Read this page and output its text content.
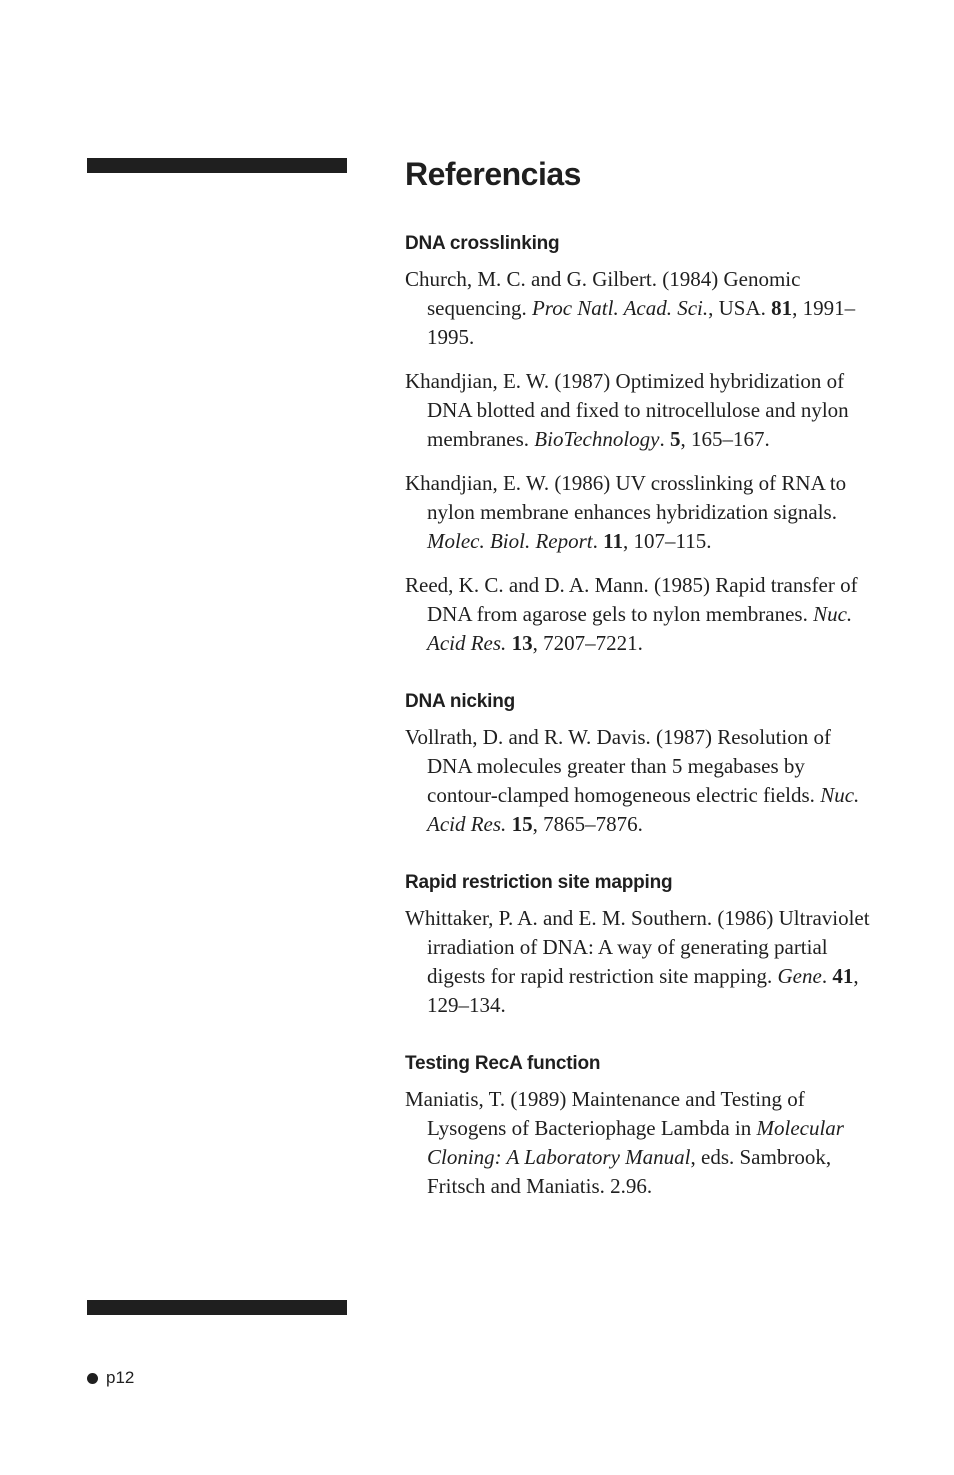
Referencias
DNA crosslinking

Church, M. C. and G. Gilbert. (1984) Genomic sequencing. Proc Natl. Acad. Sci., USA. 81, 1991–1995.

Khandjian, E. W. (1987) Optimized hybridization of DNA blotted and fixed to nitrocellulose and nylon membranes. BioTechnology. 5, 165–167.

Khandjian, E. W. (1986) UV crosslinking of RNA to nylon membrane enhances hybridization signals. Molec. Biol. Report. 11, 107–115.

Reed, K. C. and D. A. Mann. (1985) Rapid transfer of DNA from agarose gels to nylon membranes. Nuc. Acid Res. 13, 7207–7221.

DNA nicking

Vollrath, D. and R. W. Davis. (1987) Resolution of DNA molecules greater than 5 megabases by contour-clamped homogeneous electric fields. Nuc. Acid Res. 15, 7865–7876.

Rapid restriction site mapping

Whittaker, P. A. and E. M. Southern. (1986) Ultraviolet irradiation of DNA: A way of generating partial digests for rapid restriction site mapping. Gene. 41, 129–134.

Testing RecA function

Maniatis, T. (1989) Maintenance and Testing of Lysogens of Bacteriophage Lambda in Molecular Cloning: A Laboratory Manual, eds. Sambrook, Fritsch and Maniatis. 2.96.

p12
